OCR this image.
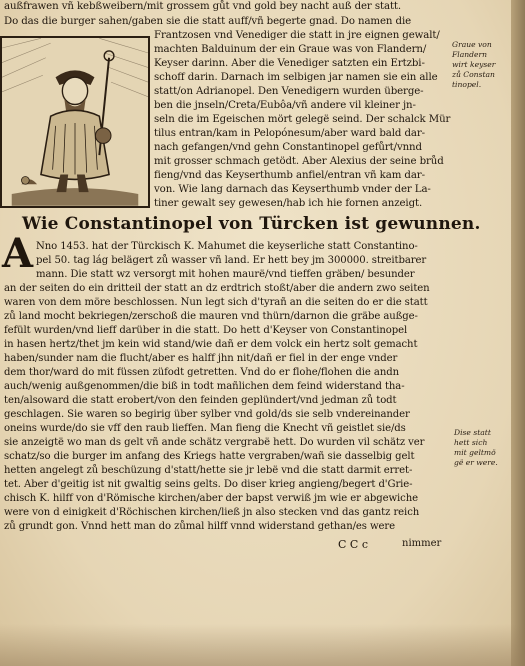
außfrawen vñ kebßweibern/mit grossem gůt vnd gold bey nacht auß der statt.
Do das die burger sahen/gaben sie die statt auff/vñ begerte gnad. Do namen die
Frantzosen vnd Venediger die statt in jre eignen gewalt/
machten Balduinum der ein Graue was von Flandern/
Keyser darinn. Aber die Venediger satzten ein Ertzbi-
schoff darin. Darnach im selbigen jar namen sie ein alle
statt/on Adrianopel. Den Venedigern wurden überge-
ben die jnseln/Creta/Eubôa/vñ andere vil kleiner jn-
seln die im Egeischen mört gelegë seind. Der schalck Mür
tilus entran/kam in Pelopónesum/aber ward bald dar-
nach gefangen/vnd gehn Constantinopel gefůrt/vnnd
mit grosser schmach getödt. Aber Alexius der seine brůd
fieng/vnd das Keyserthumb anfiel/entran vñ kam dar-
von. Wie lang darnach das Keyserthumb vnder der La-
tiner gewalt sey gewesen/hab ich hie fornen anzeigt.
Graue von
Flandern
wirt keyser
zů Constan
tinopel.
Wie Constantinopel von Türcken ist gewunnen.
A Nno 1453. hat der Türckisch K. Mahumet die keyserliche statt Constantino-
pel 50. tag lág belägert zů wasser vñ land. Er hett bey jm 300000. streitbarer
mann. Die statt wz versorgt mit hohen maurë/vnd tieffen gräben/ besunder
an der seiten do ein dritteil der statt an dz erdtrich stoßt/aber die andern zwo seiten
waren von dem möre beschlossen. Nun legt sich d'tyrañ an die seiten do er die statt
zů land mocht bekriegen/zerschoß die mauren vnd thürn/darnon die gräbe außge-
fefült wurden/vnd lieff darüber in die statt. Do hett d'Keyser von Constantinopel
in hasen hertz/thet jm kein wid stand/wie dañ er dem volck ein hertz solt gemacht
haben/sunder nam die flucht/aber es halff jhn nit/dañ er fiel in der enge vnder
dem thor/ward do mit füssen züfodt getretten. Vnd do er flohe/flohen die andn
auch/wenig außgenommen/die biß in todt mañlichen dem feind widerstand tha-
ten/alsoward die statt erobert/von den feinden geplündert/vnd jedman zů todt
geschlagen. Sie waren so begirig über sylber vnd gold/ds sie selb vndereinander
oneins wurde/do sie vff den raub lieffen. Man fieng die Knecht vñ geistlet sie/ds
sie anzeigtë wo man ds gelt vñ ande schätz vergrabë hett. Do wurden vil schätz ver
schatz/so die burger im anfang des Kriegs hatte vergraben/wañ sie dasselbig gelt
hetten angelegt zů beschüzung d'statt/hette sie jr lebë vnd die statt darmit erret-
tet. Aber d'geitig ist nit gwaltig seins gelts. Do diser krieg angieng/begert d'Grie-
chisch K. hilff von d'Römische kirchen/aber der bapst verwiß jm wie er abgewiche
were von d einigkeit d'Röchischen kirchen/ließ jn also stecken vnd das gantz reich
zů grundt gon. Vnnd hett man do zůmal hilff vnnd widerstand gethan/es were
Dise statt
hett sich
mit geltmö
gë er were.
C C c	nimmer
